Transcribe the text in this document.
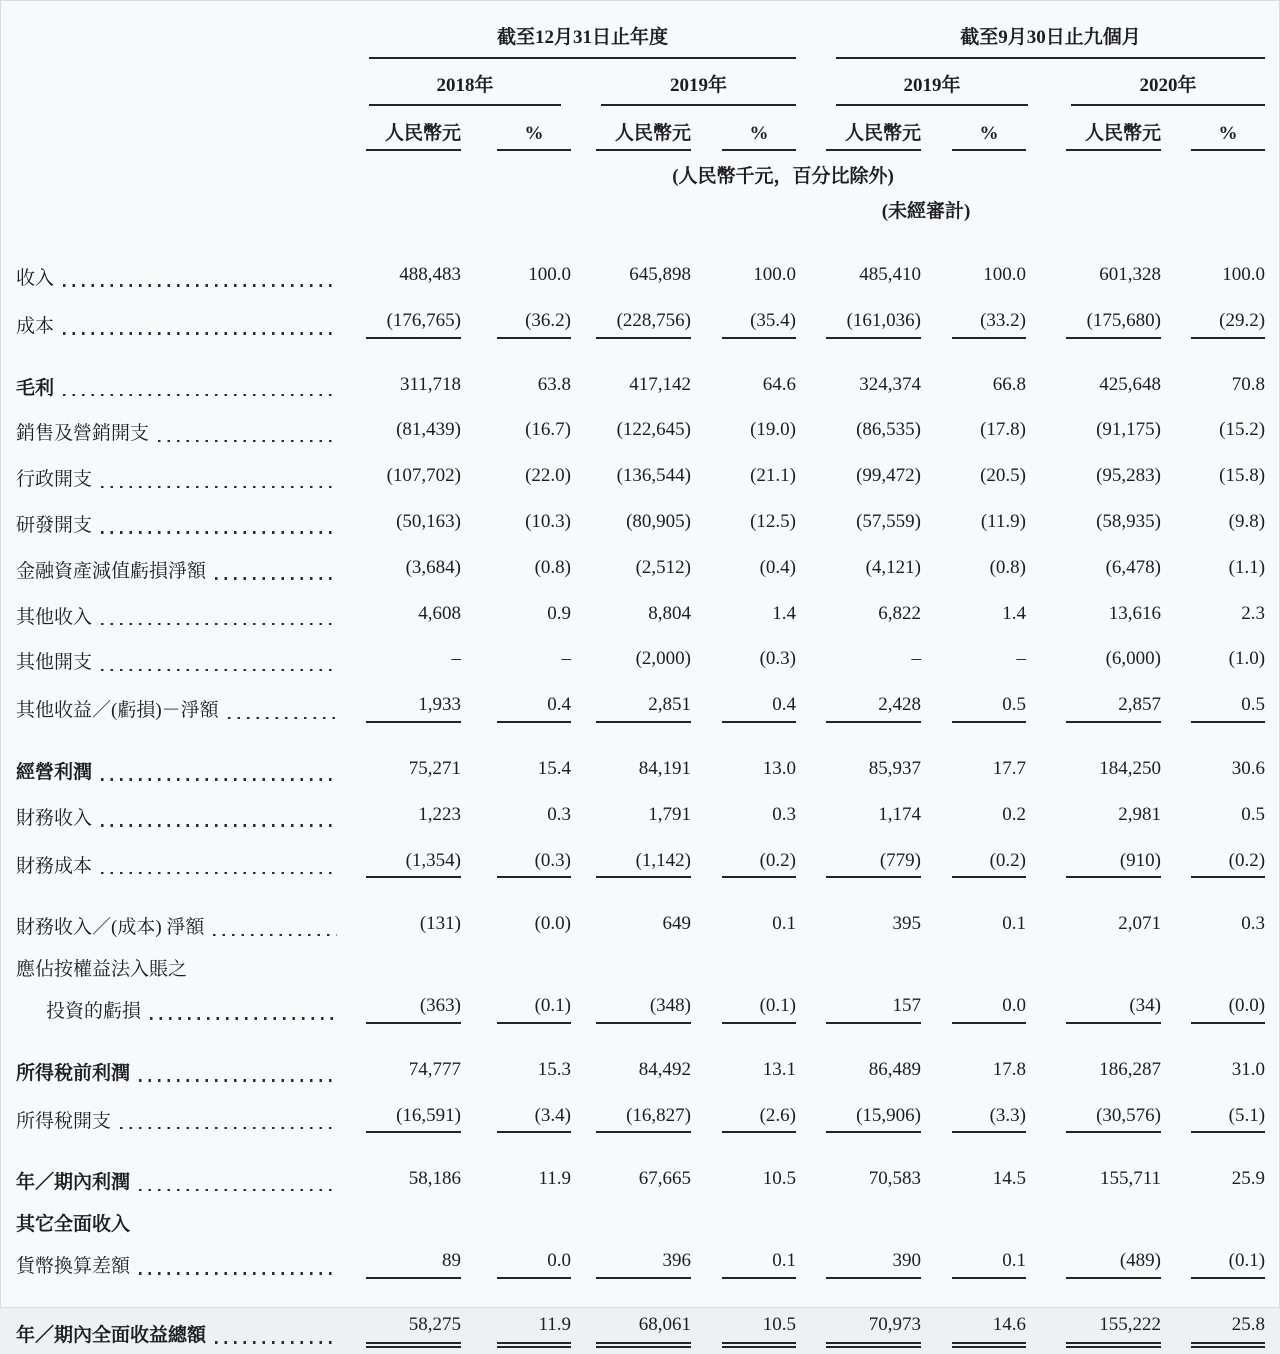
	截至12月31日止年度				截至9月30日止九個月			

	2018年		2019年		2019年		2020年	

	人民幣元	%	人民幣元	%	人民幣元	%	人民幣元	%
	(人民幣千元，百分比除外)							
					(未經審計)			

收入	488,483	100.0	645,898	100.0	485,410	100.0	601,328	100.0

成本	(176,765)	(36.2)	(228,756)	(35.4)	(161,036)	(33.2)	(175,680)	(29.2)

毛利	311,718	63.8	417,142	64.6	324,374	66.8	425,648	70.8

銷售及營銷開支	(81,439)	(16.7)	(122,645)	(19.0)	(86,535)	(17.8)	(91,175)	(15.2)

行政開支	(107,702)	(22.0)	(136,544)	(21.1)	(99,472)	(20.5)	(95,283)	(15.8)

研發開支	(50,163)	(10.3)	(80,905)	(12.5)	(57,559)	(11.9)	(58,935)	(9.8)

金融資產減值虧損淨額	(3,684)	(0.8)	(2,512)	(0.4)	(4,121)	(0.8)	(6,478)	(1.1)

其他收入	4,608	0.9	8,804	1.4	6,822	1.4	13,616	2.3

其他開支	–	–	(2,000)	(0.3)	–	–	(6,000)	(1.0)

其他收益／(虧損)－淨額	1,933	0.4	2,851	0.4	2,428	0.5	2,857	0.5

經營利潤	75,271	15.4	84,191	13.0	85,937	17.7	184,250	30.6

財務收入	1,223	0.3	1,791	0.3	1,174	0.2	2,981	0.5

財務成本	(1,354)	(0.3)	(1,142)	(0.2)	(779)	(0.2)	(910)	(0.2)

財務收入／(成本) 淨額	(131)	(0.0)	649	0.1	395	0.1	2,071	0.3

應佔按權益法入賬之								

投資的虧損	(363)	(0.1)	(348)	(0.1)	157	0.0	(34)	(0.0)

所得稅前利潤	74,777	15.3	84,492	13.1	86,489	17.8	186,287	31.0

所得稅開支	(16,591)	(3.4)	(16,827)	(2.6)	(15,906)	(3.3)	(30,576)	(5.1)

年／期內利潤	58,186	11.9	67,665	10.5	70,583	14.5	155,711	25.9

其它全面收入								

貨幣換算差額	89	0.0	396	0.1	390	0.1	(489)	(0.1)

年／期內全面收益總額	58,275	11.9	68,061	10.5	70,973	14.6	155,222	25.8
